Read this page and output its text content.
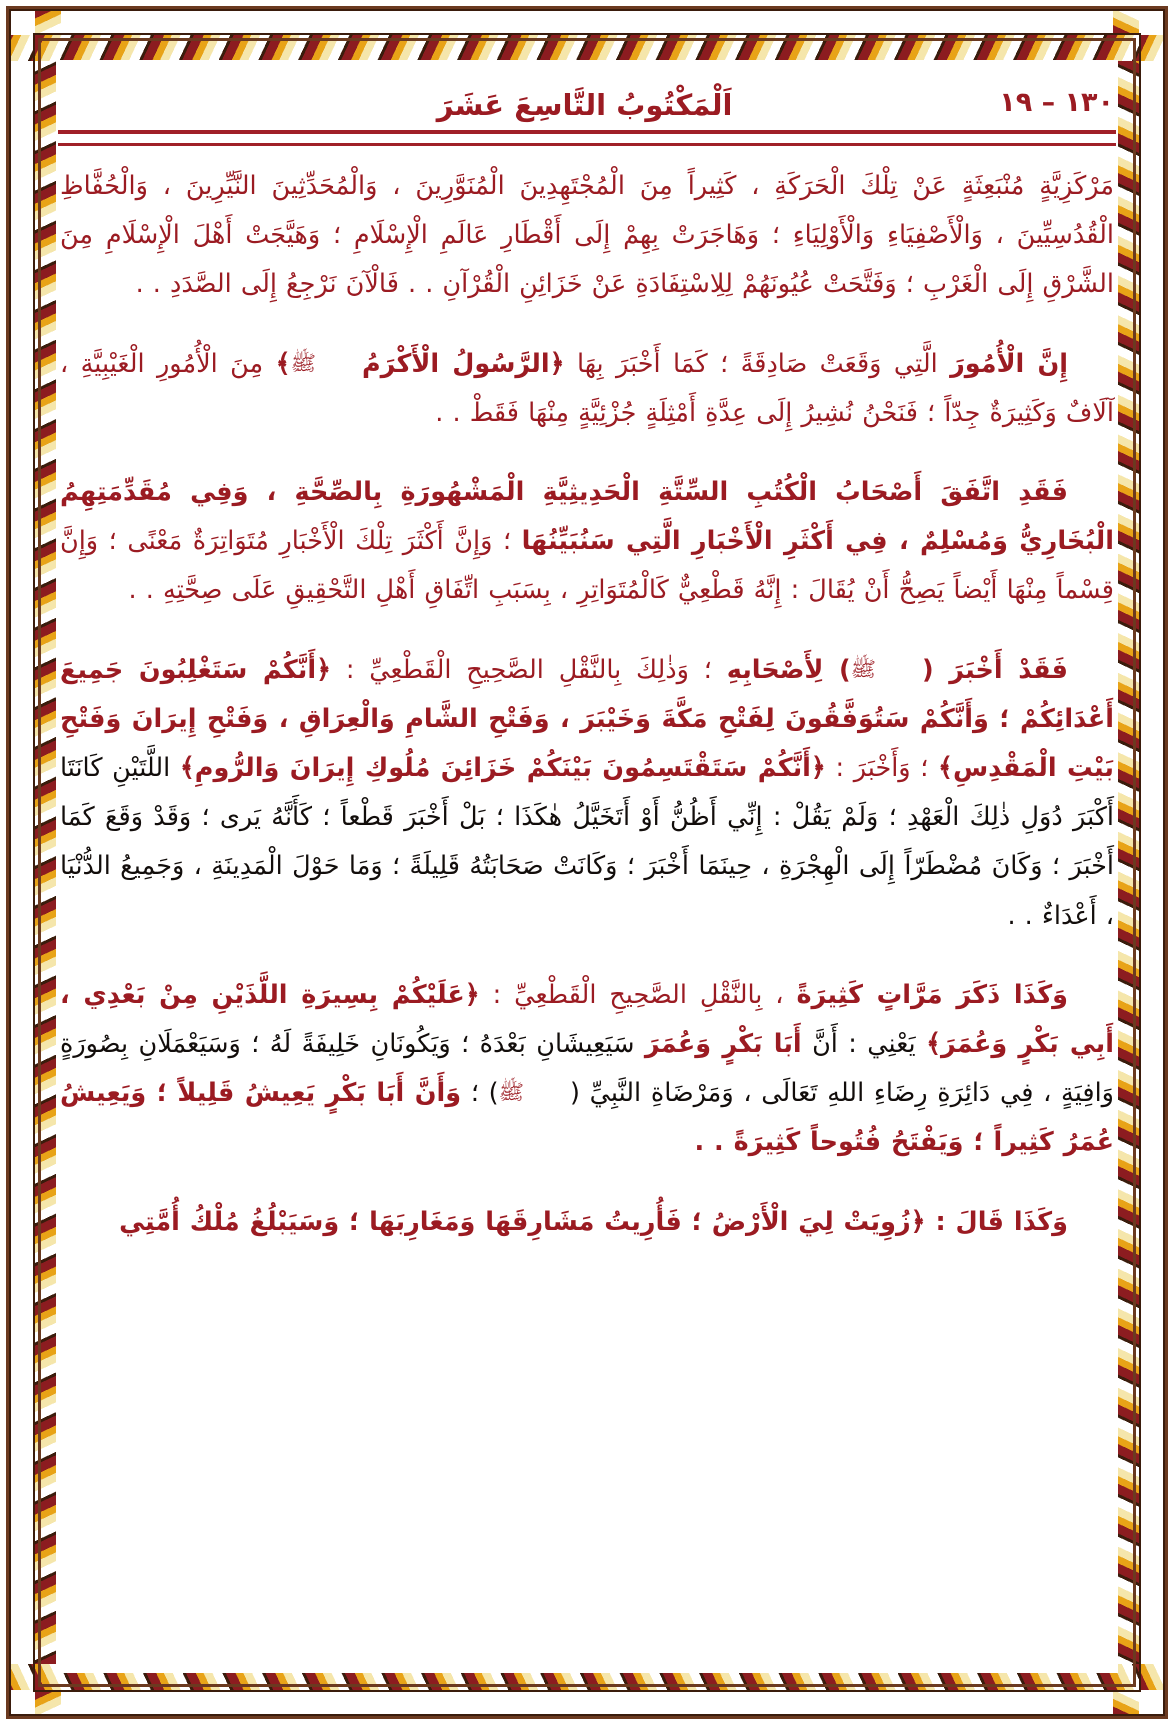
١٣٠ – ١٩
اَلْمَكْتُوبُ التَّاسِعَ عَشَرَ

مَرْكَزِيَّةٍ مُنْبَعِثَةٍ عَنْ تِلْكَ الْحَرَكَةِ ، كَثِيراً مِنَ الْمُجْتَهِدِينَ الْمُنَوَّرِينَ ، وَالْمُحَدِّثِينَ النَّيِّرِينَ ، وَالْحُفَّاظِ الْقُدُسِيِّينَ ، وَالْأَصْفِيَاءِ وَالْأَوْلِيَاءِ ؛ وَهَاجَرَتْ بِهِمْ إِلَى أَقْطَارِ عَالَمِ الْإِسْلَامِ ؛ وَهَيَّجَتْ أَهْلَ الْإِسْلَامِ مِنَ الشَّرْقِ إِلَى الْغَرْبِ ؛ وَفَتَّحَتْ عُيُونَهُمْ لِلِاسْتِفَادَةِ عَنْ خَزَائِنِ الْقُرْآنِ . . فَالْآنَ نَرْجِعُ إِلَى الصَّدَدِ . .

إِنَّ الْأُمُورَ الَّتِي وَقَعَتْ صَادِقَةً ؛ كَمَا أَخْبَرَ بِهَا ﴿الرَّسُولُ الْأَكْرَمُﷺ﴾ مِنَ الْأُمُورِ الْغَيْبِيَّةِ ، آلَافٌ وَكَثِيرَةٌ جِدّاً ؛ فَنَحْنُ نُشِيرُ إِلَى عِدَّةِ أَمْثِلَةٍ جُزْئِيَّةٍ مِنْهَا فَقَطْ . .

فَقَدِ اتَّفَقَ أَصْحَابُ الْكُتُبِ السِّتَّةِ الْحَدِيثِيَّةِ الْمَشْهُورَةِ بِالصِّحَّةِ ، وَفِي مُقَدِّمَتِهِمُ الْبُخَارِيُّ وَمُسْلِمٌ ، فِي أَكْثَرِ الْأَخْبَارِ الَّتِي سَنُبَيِّنُهَا ؛ وَإِنَّ أَكْثَرَ تِلْكَ الْأَخْبَارِ مُتَوَاتِرَةٌ مَعْنًى ؛ وَإِنَّ قِسْماً مِنْهَا أَيْضاً يَصِحُّ أَنْ يُقَالَ : إِنَّهُ قَطْعِيٌّ كَالْمُتَوَاتِرِ ، بِسَبَبِ اتِّفَاقِ أَهْلِ التَّحْقِيقِ عَلَى صِحَّتِهِ . .

فَقَدْ أَخْبَرَ (ﷺ) لِأَصْحَابِهِ ؛ وَذٰلِكَ بِالنَّقْلِ الصَّحِيحِ الْقَطْعِيِّ : ﴿أَنَّكُمْ سَتَغْلِبُونَ جَمِيعَ أَعْدَائِكُمْ ؛ وَأَنَّكُمْ سَتُوَفَّقُونَ لِفَتْحِ مَكَّةَ وَخَيْبَرَ ، وَفَتْحِ الشَّامِ وَالْعِرَاقِ ، وَفَتْحِ إِيرَانَ وَفَتْحِ بَيْتِ الْمَقْدِسِ﴾ ؛ وَأَخْبَرَ : ﴿أَنَّكُمْ سَتَقْتَسِمُونَ بَيْنَكُمْ خَزَائِنَ مُلُوكِ إِيرَانَ وَالرُّومِ﴾ اللَّتَيْنِ كَانَتَا أَكْبَرَ دُوَلِ ذٰلِكَ الْعَهْدِ ؛ وَلَمْ يَقُلْ : إِنِّي أَظُنُّ أَوْ أَتَخَيَّلُ هٰكَذَا ؛ بَلْ أَخْبَرَ قَطْعاً ؛ كَأَنَّهُ يَرى ؛ وَقَدْ وَقَعَ كَمَا أَخْبَرَ ؛ وَكَانَ مُضْطَرّاً إِلَى الْهِجْرَةِ ، حِينَمَا أَخْبَرَ ؛ وَكَانَتْ صَحَابَتُهُ قَلِيلَةً ؛ وَمَا حَوْلَ الْمَدِينَةِ ، وَجَمِيعُ الدُّنْيَا ، أَعْدَاءٌ . .

وَكَذَا ذَكَرَ مَرَّاتٍ كَثِيرَةً ، بِالنَّقْلِ الصَّحِيحِ الْقَطْعِيِّ : ﴿عَلَيْكُمْ بِسِيرَةِ اللَّذَيْنِ مِنْ بَعْدِي ، أَبِي بَكْرٍ وَعُمَرَ﴾ يَعْنِي : أَنَّ أَبَا بَكْرٍ وَعُمَرَ سَيَعِيشَانِ بَعْدَهُ ؛ وَيَكُونَانِ خَلِيفَةً لَهُ ؛ وَسَيَعْمَلَانِ بِصُورَةٍ وَافِيَةٍ ، فِي دَائِرَةِ رِضَاءِ اللهِ تَعَالَى ، وَمَرْضَاةِ النَّبِيِّ (ﷺ) ؛ وَأَنَّ أَبَا بَكْرٍ يَعِيشُ قَلِيلاً ؛ وَيَعِيشُ عُمَرُ كَثِيراً ؛ وَيَفْتَحُ فُتُوحاً كَثِيرَةً . .

وَكَذَا قَالَ : ﴿زُوِيَتْ لِيَ الْأَرْضُ ؛ فَأُرِيتُ مَشَارِقَهَا وَمَغَارِبَهَا ؛ وَسَيَبْلُغُ مُلْكُ أُمَّتِي
